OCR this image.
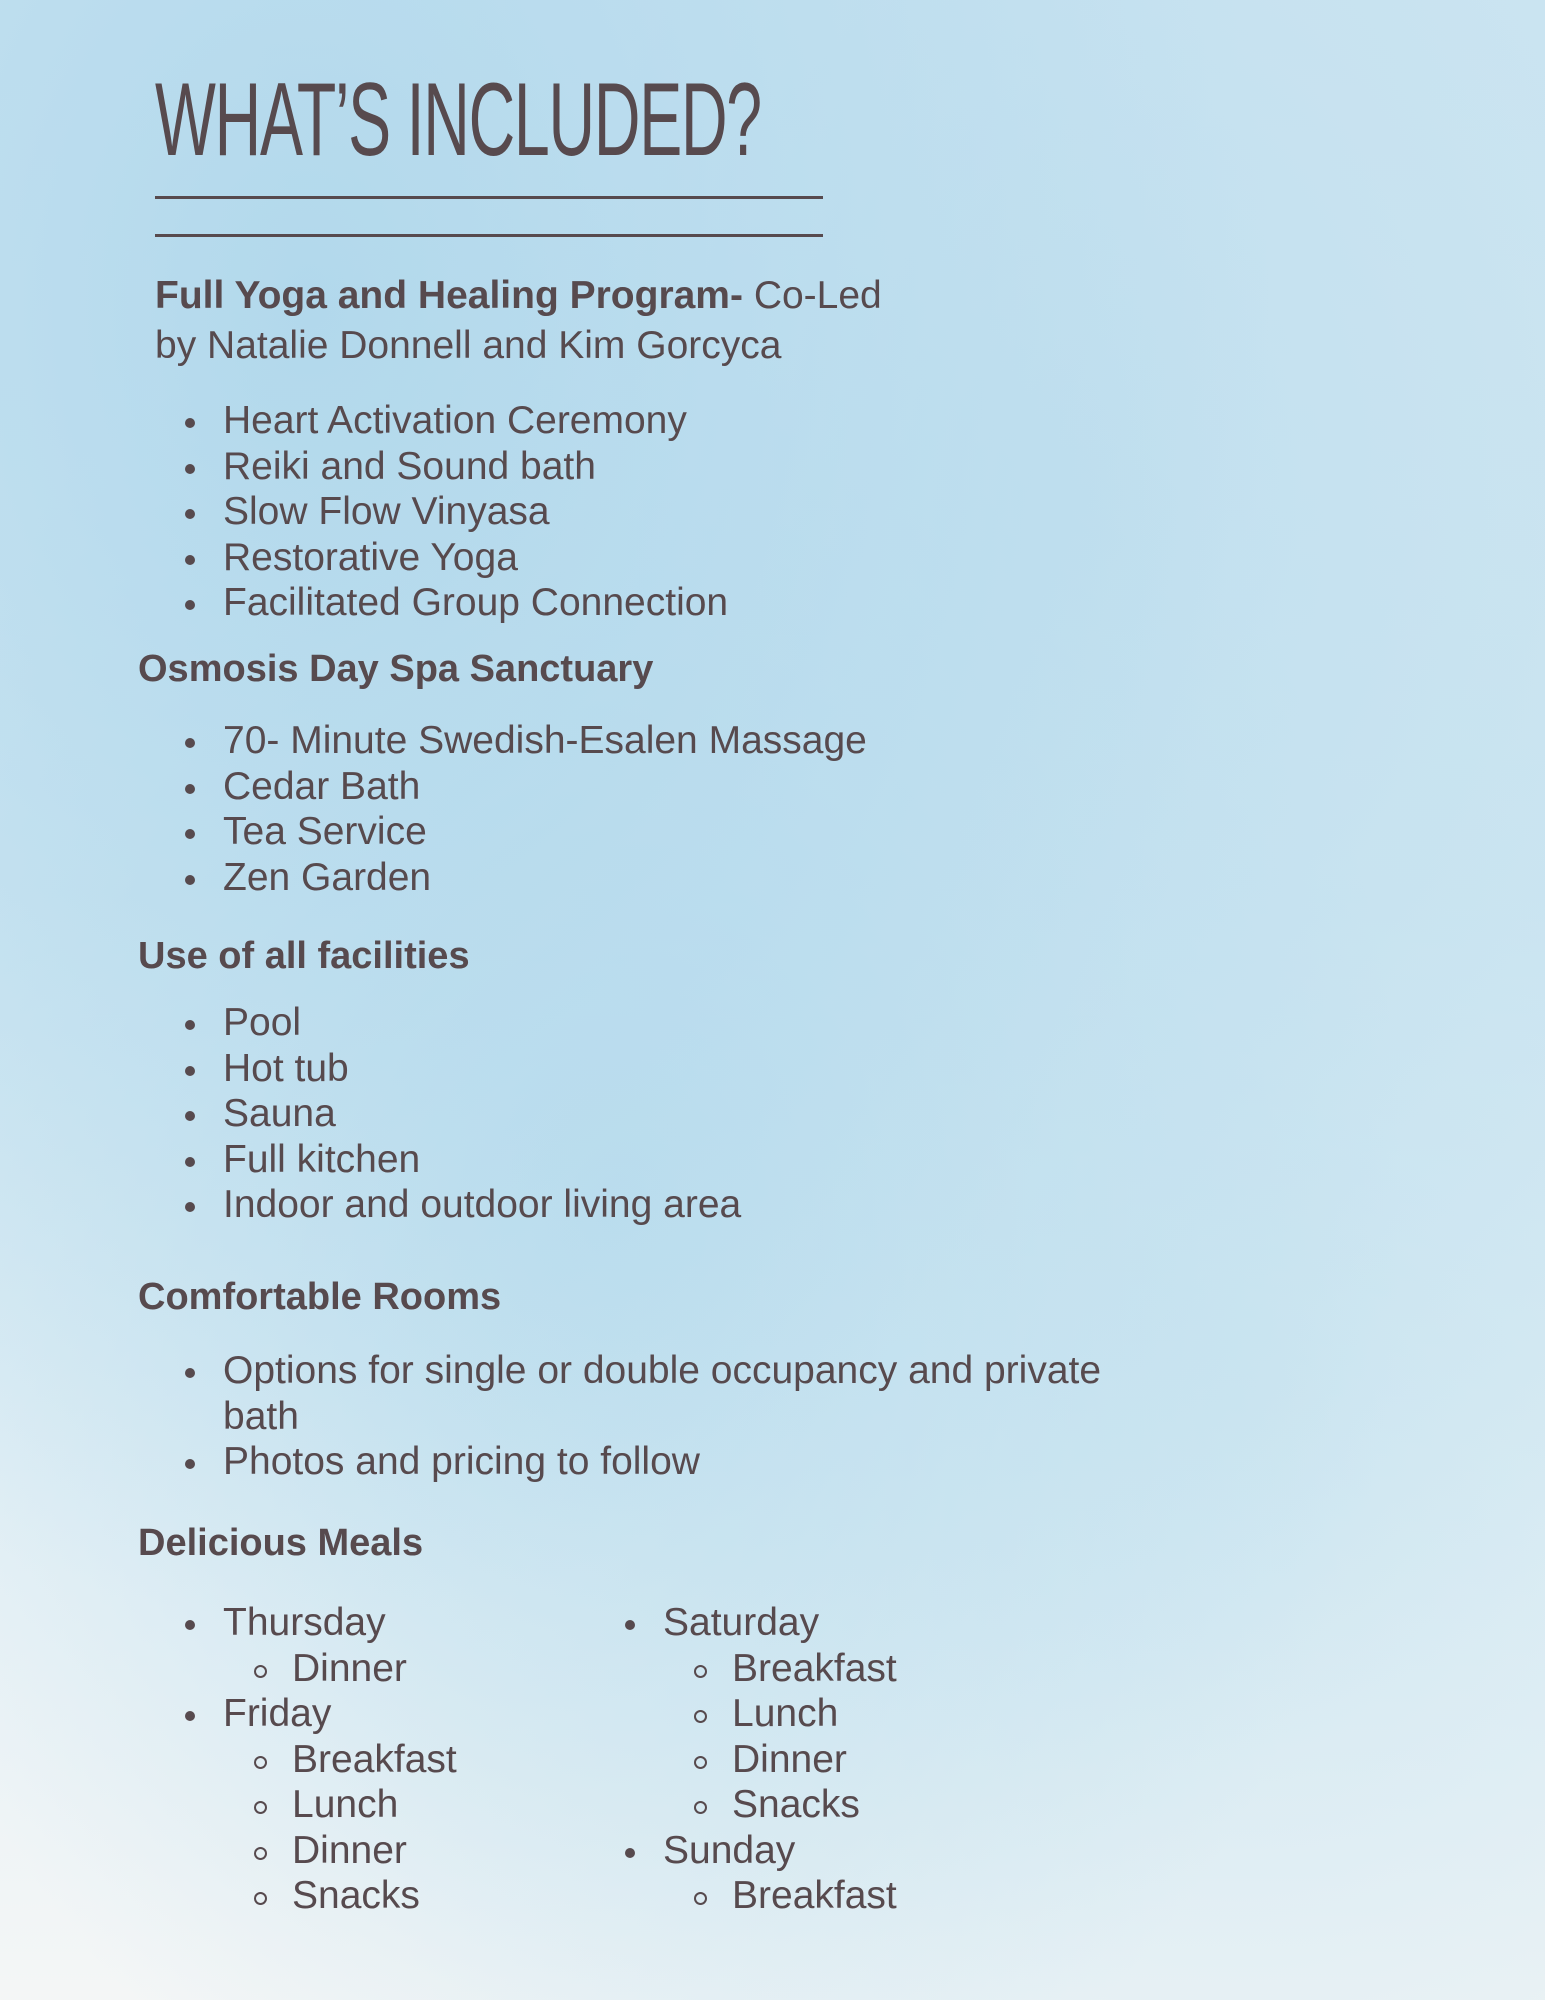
WHAT’S INCLUDED?
Full Yoga and Healing Program- Co-Led
by Natalie Donnell and Kim Gorcyca
Heart Activation Ceremony
Reiki and Sound bath
Slow Flow Vinyasa
Restorative Yoga
Facilitated Group Connection
Osmosis Day Spa Sanctuary
70- Minute Swedish-Esalen Massage
Cedar Bath
Tea Service
Zen Garden
Use of all facilities
Pool
Hot tub
Sauna
Full kitchen
Indoor and outdoor living area
Comfortable Rooms
Options for single or double occupancy and private bath
Photos and pricing to follow
Delicious Meals
Thursday
Dinner
Friday
Breakfast
Lunch
Dinner
Snacks
Saturday
Breakfast
Lunch
Dinner
Snacks
Sunday
Breakfast
